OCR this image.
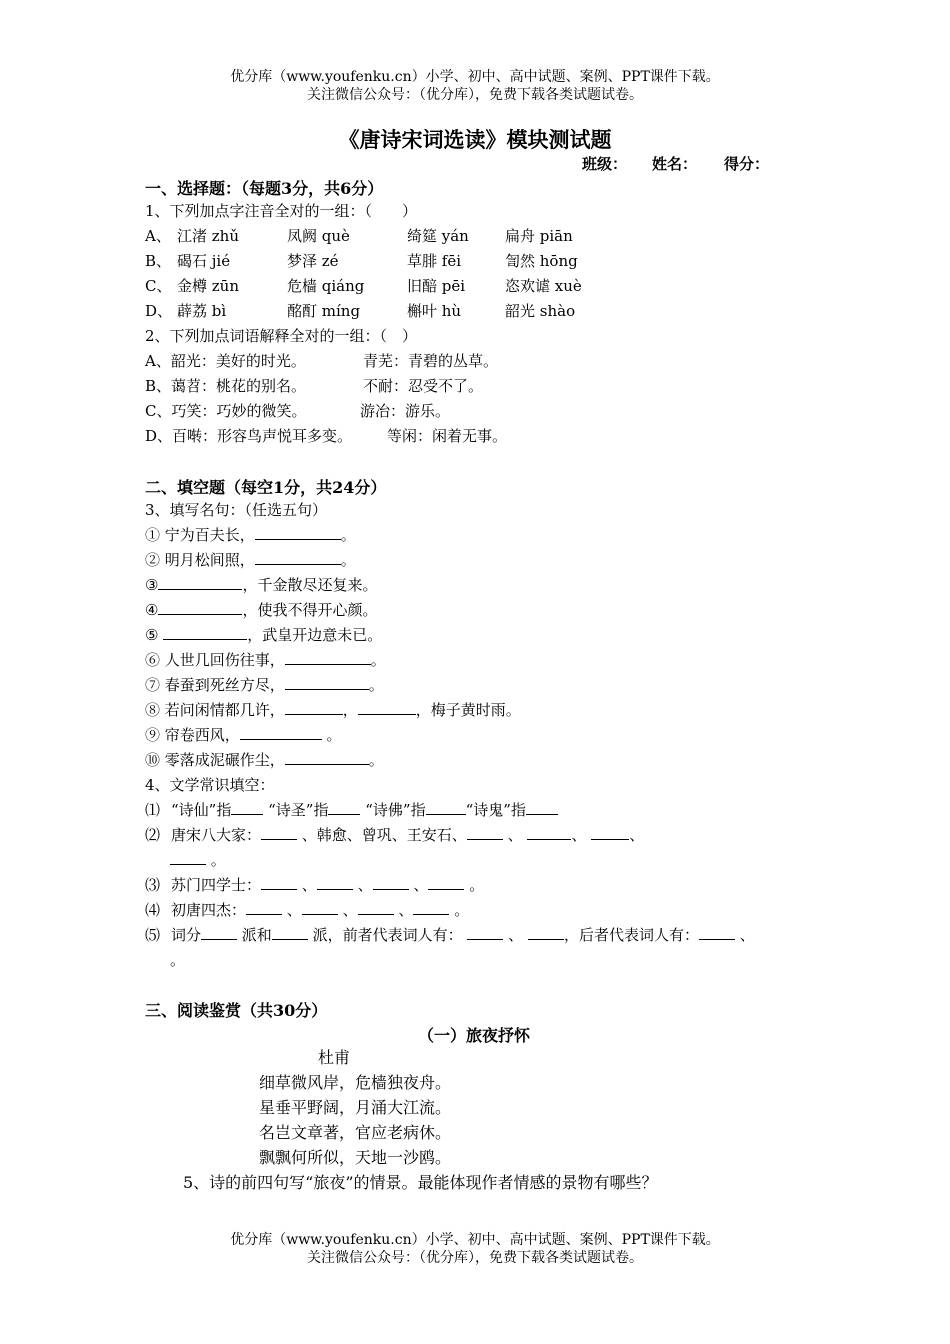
优分库（www.youfenku.cn）小学、初中、高中试题、案例、PPT课件下载。
关注微信公众号：（优分库），免费下载各类试题试卷。
《唐诗宋词选读》模块测试题
班级： 姓名： 得分：
一、选择题：（每题3分，共6分）
1、下列加点字注音全对的一组：（　　）
A、 江渚 zhǔ	凤阙 què	绮筵 yán 扁舟 piān
B、 碣石 jié	梦泽 zé	草腓 fēi	訇然 hōng
C、 金樽 zūn	危樯 qiáng	旧醅 pēi	恣欢谑 xuè
D、 薜荔 bì	酩酊 míng	槲叶 hù	韶光 shào
2、下列加点词语解释全对的一组：（　）
A、韶光：美好的时光。	青芜：青碧的丛草。
B、蔼苕：桃花的别名。	不耐：忍受不了。
C、巧笑：巧妙的微笑。	游冶：游乐。
D、百啭：形容鸟声悦耳多变。 等闲：闲着无事。
二、填空题（每空1分，共24分）
3、填写名句：（任选五句）
① 宁为百夫长，	。
② 明月松间照，	。
③	，千金散尽还复来。
④	，使我不得开心颜。
⑤	，武皇开边意未已。
⑥ 人世几回伤往事，	。
⑦ 春蚕到死丝方尽，	。
⑧ 若问闲情都几许，	，	，梅子黄时雨。
⑨ 帘卷西风，	。
⑩ 零落成泥碾作尘，	。
4、文学常识填空：
⑴ “诗仙”指 “诗圣”指 “诗佛”指	“诗鬼”指
⑵ 唐宋八大家：	、韩愈、曾巩、王安石、	、	、	、
。
⑶ 苏门四学士：	、	、	、	。
⑷ 初唐四杰：	、	、	、	。
⑸ 词分	派和	派，前者代表词人有：	、	，后者代表词人有：	、
。
三、阅读鉴赏（共30分）
（一）旅夜抒怀
杜甫
细草微风岸，危樯独夜舟。
星垂平野阔，月涌大江流。
名岂文章著，官应老病休。
飘飘何所似，天地一沙鸥。
5、诗的前四句写“旅夜”的情景。最能体现作者情感的景物有哪些？
优分库（www.youfenku.cn）小学、初中、高中试题、案例、PPT课件下载。
关注微信公众号：（优分库），免费下载各类试题试卷。
